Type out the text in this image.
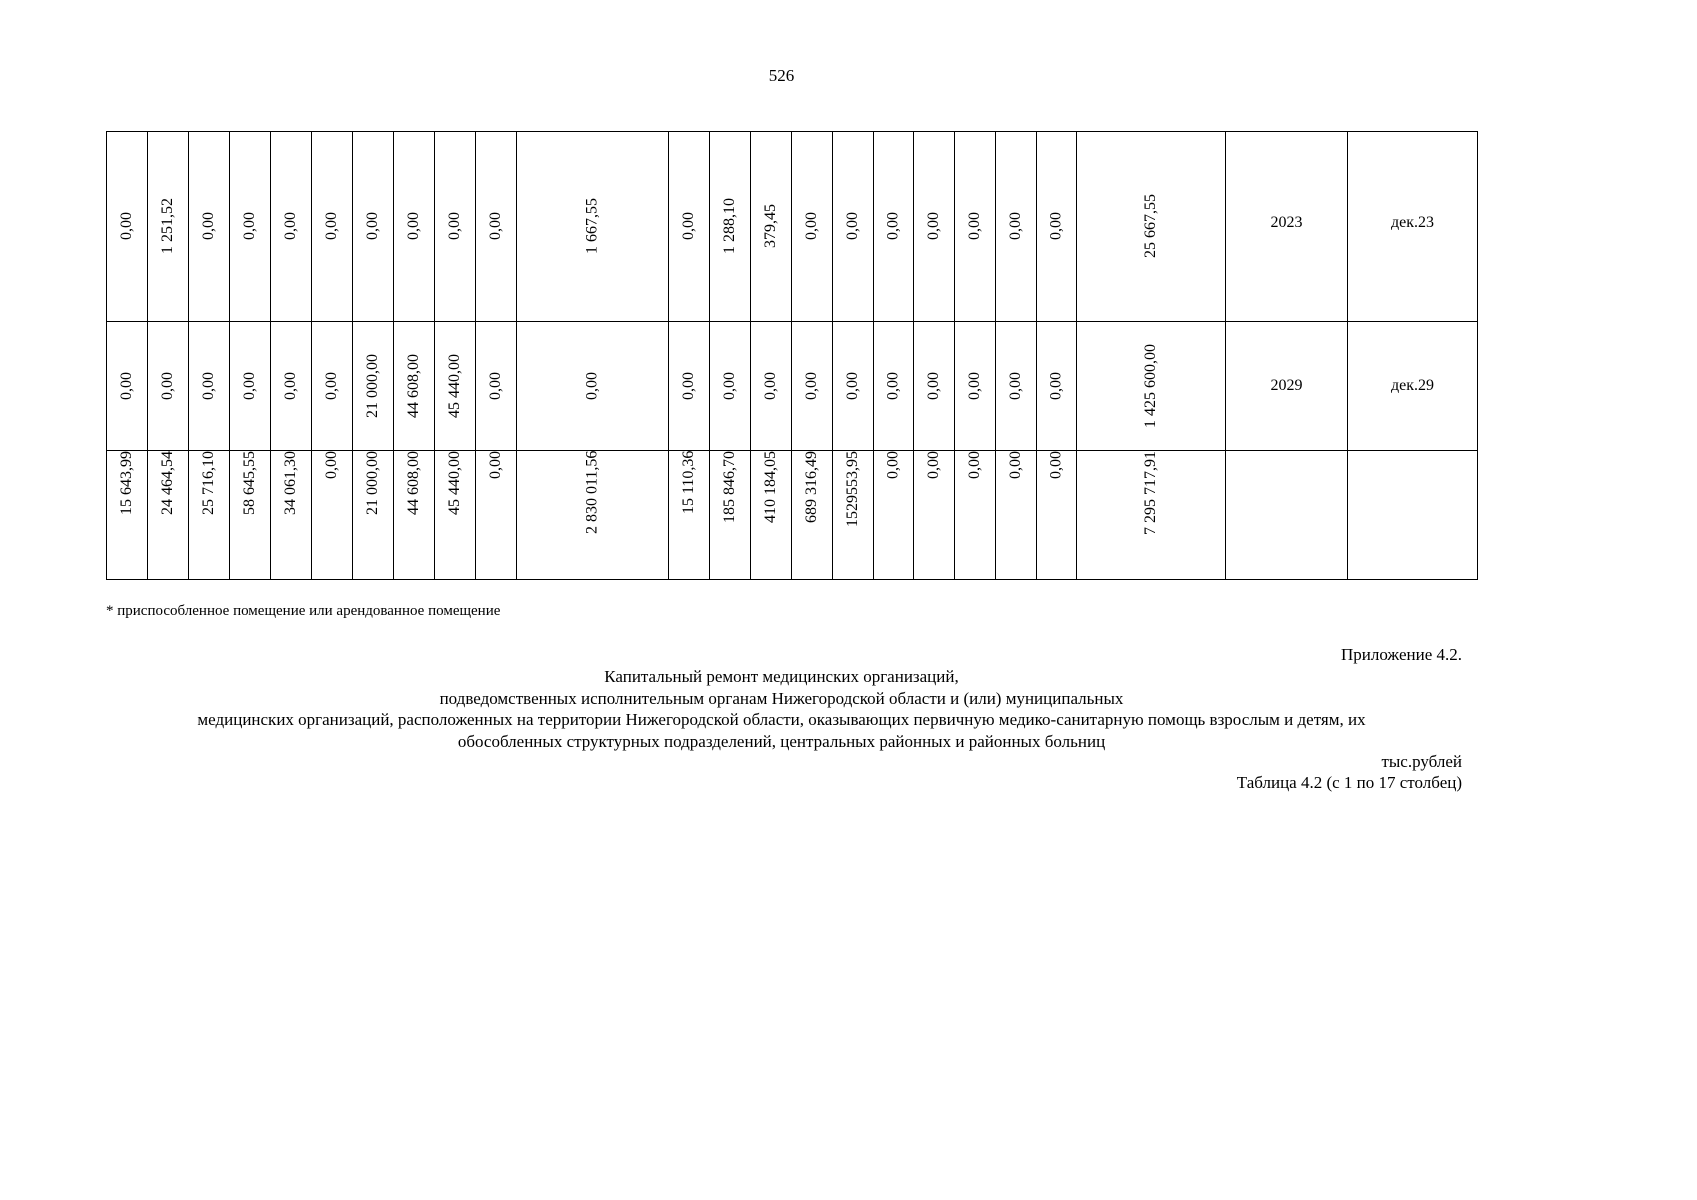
526
0,00	1 251,52	0,00	0,00	0,00	0,00	0,00	0,00	0,00	0,00	1 667,55	0,00	1 288,10	379,45	0,00	0,00	0,00	0,00	0,00	0,00	0,00	25 667,55	2023	дек.23

0,00	0,00	0,00	0,00	0,00	0,00	21 000,00	44 608,00	45 440,00	0,00	0,00	0,00	0,00	0,00	0,00	0,00	0,00	0,00	0,00	0,00	0,00	1 425 600,00	2029	дек.29

15 643,99	24 464,54	25 716,10	58 645,55	34 061,30	0,00	21 000,00	44 608,00	45 440,00	0,00	2 830 011,56	15 110,36	185 846,70	410 184,05	689 316,49	1529553,95	0,00	0,00	0,00	0,00	0,00	7 295 717,91		

* приспособленное помещение или арендованное помещение
Приложение 4.2.
Капитальный ремонт медицинских организаций,
подведомственных исполнительным органам Нижегородской области и (или) муниципальных
медицинских организаций, расположенных на территории Нижегородской области, оказывающих первичную медико-санитарную помощь взрослым и детям, их
обособленных структурных подразделений, центральных районных и районных больниц
тыс.рублей
Таблица 4.2 (с 1 по 17 столбец)
